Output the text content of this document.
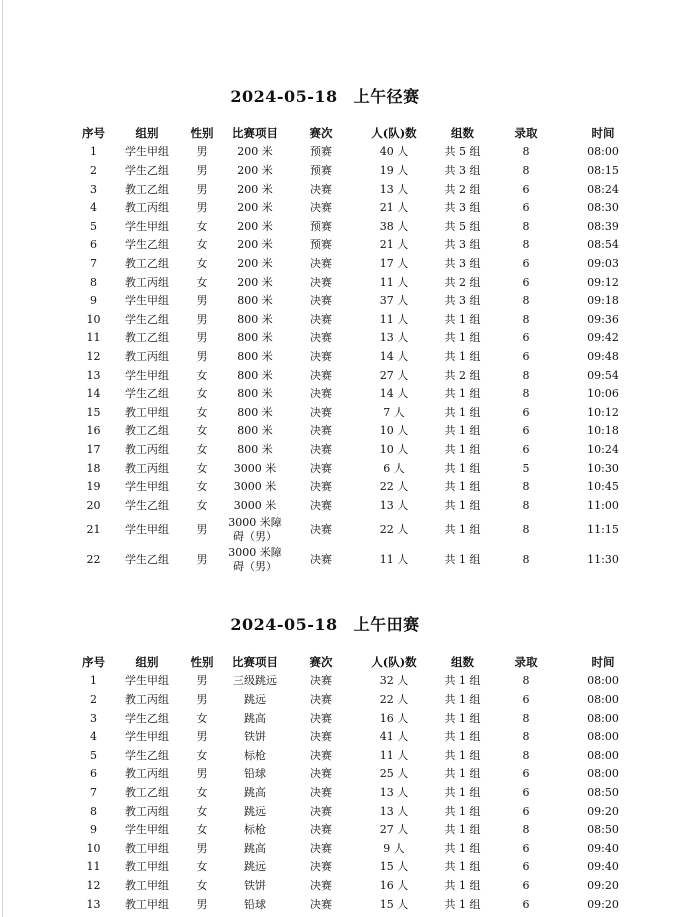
2024-05-18 上午径赛
序号	组别	性别	比赛项目	赛次	人(队)数	组数	录取	时间
1	学生甲组	男	200 米	预赛	40 人	共 5 组	8	08:00
2	学生乙组	男	200 米	预赛	19 人	共 3 组	8	08:15
3	教工乙组	男	200 米	决赛	13 人	共 2 组	6	08:24
4	教工丙组	男	200 米	决赛	21 人	共 3 组	6	08:30
5	学生甲组	女	200 米	预赛	38 人	共 5 组	8	08:39
6	学生乙组	女	200 米	预赛	21 人	共 3 组	8	08:54
7	教工乙组	女	200 米	决赛	17 人	共 3 组	6	09:03
8	教工丙组	女	200 米	决赛	11 人	共 2 组	6	09:12
9	学生甲组	男	800 米	决赛	37 人	共 3 组	8	09:18
10	学生乙组	男	800 米	决赛	11 人	共 1 组	8	09:36
11	教工乙组	男	800 米	决赛	13 人	共 1 组	6	09:42
12	教工丙组	男	800 米	决赛	14 人	共 1 组	6	09:48
13	学生甲组	女	800 米	决赛	27 人	共 2 组	8	09:54
14	学生乙组	女	800 米	决赛	14 人	共 1 组	8	10:06
15	教工甲组	女	800 米	决赛	7 人	共 1 组	6	10:12
16	教工乙组	女	800 米	决赛	10 人	共 1 组	6	10:18
17	教工丙组	女	800 米	决赛	10 人	共 1 组	6	10:24
18	教工丙组	女	3000 米	决赛	6 人	共 1 组	5	10:30
19	学生甲组	女	3000 米	决赛	22 人	共 1 组	8	10:45
20	学生乙组	女	3000 米	决赛	13 人	共 1 组	8	11:00
21	学生甲组	男	3000 米障碍（男）	决赛	22 人	共 1 组	8	11:15
22	学生乙组	男	3000 米障碍（男）	决赛	11 人	共 1 组	8	11:30
2024-05-18 上午田赛
序号	组别	性别	比赛项目	赛次	人(队)数	组数	录取	时间
1	学生甲组	男	三级跳远	决赛	32 人	共 1 组	8	08:00
2	教工丙组	男	跳远	决赛	22 人	共 1 组	6	08:00
3	学生乙组	女	跳高	决赛	16 人	共 1 组	8	08:00
4	学生甲组	男	铁饼	决赛	41 人	共 1 组	8	08:00
5	学生乙组	女	标枪	决赛	11 人	共 1 组	8	08:00
6	教工丙组	男	铅球	决赛	25 人	共 1 组	6	08:00
7	教工乙组	女	跳高	决赛	13 人	共 1 组	6	08:50
8	教工丙组	女	跳远	决赛	13 人	共 1 组	6	09:20
9	学生甲组	女	标枪	决赛	27 人	共 1 组	8	08:50
10	教工甲组	男	跳高	决赛	9 人	共 1 组	6	09:40
11	教工甲组	女	跳远	决赛	15 人	共 1 组	6	09:40
12	教工甲组	女	铁饼	决赛	16 人	共 1 组	6	09:20
13	教工甲组	男	铅球	决赛	15 人	共 1 组	6	09:20
